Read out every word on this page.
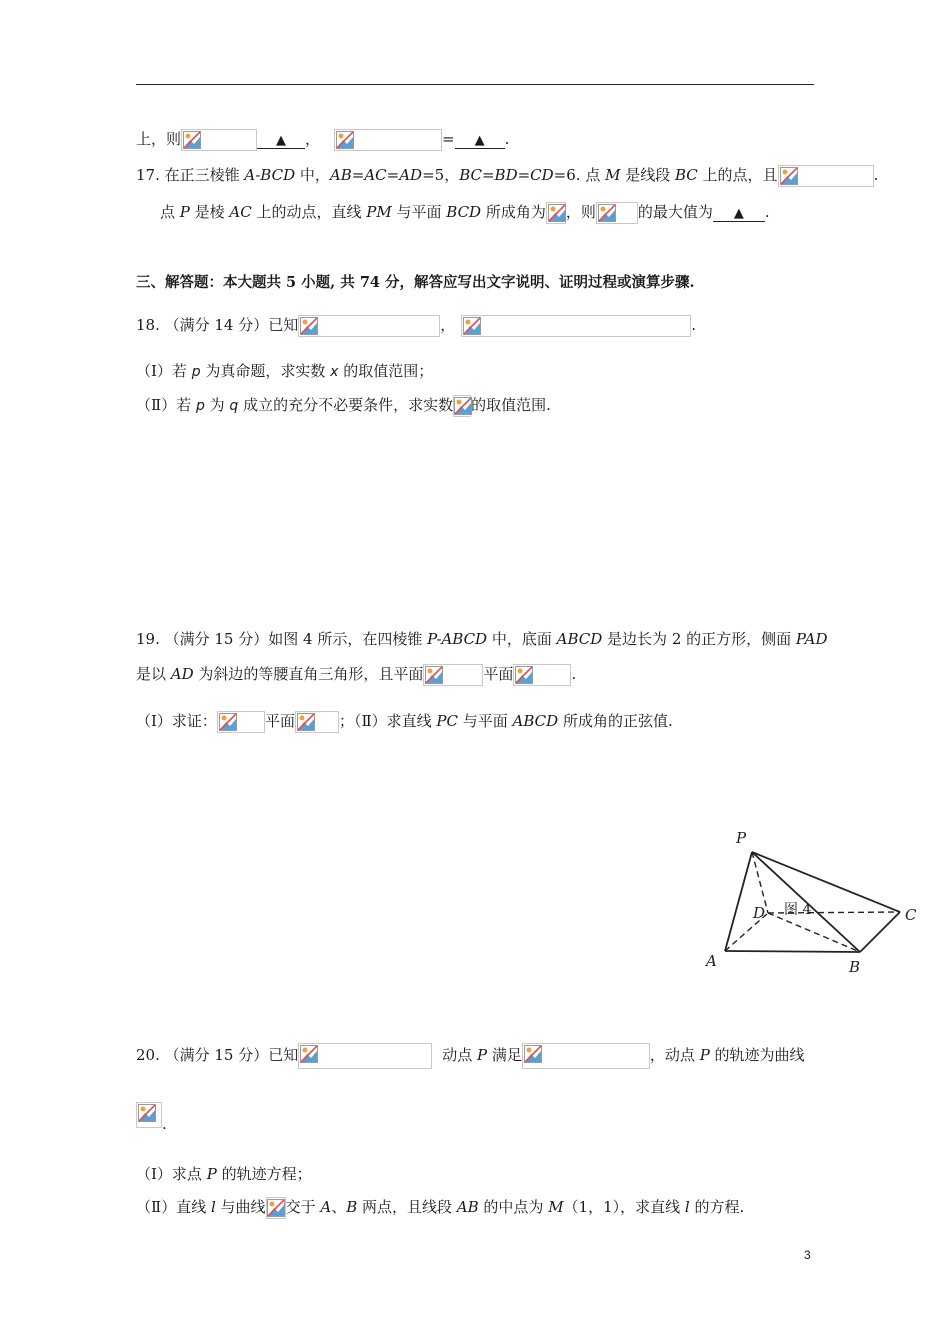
上，则	▲ ，	= ▲ .
17. 在正三棱锥 A-BCD 中，AB=AC=AD=5，BC=BD=CD=6. 点 M 是线段 BC 上的点，且	.
点 P 是棱 AC 上的动点，直线 PM 与平面 BCD 所成角为 ，则	的最大值为 ▲ .
三、解答题：本大题共 5 小题, 共 74 分，解答应写出文字说明、证明过程或演算步骤.
18. （满分 14 分）已知	，	.
（Ⅰ）若 p 为真命题，求实数 x 的取值范围；
（Ⅱ）若 p 为 q 成立的充分不必要条件，求实数 的取值范围.
19. （满分 15 分）如图 4 所示，在四棱锥 P-ABCD 中，底面 ABCD 是边长为 2 的正方形，侧面 PAD
是以 AD 为斜边的等腰直角三角形，且平面	平面	.
（Ⅰ）求证：	平面	；（Ⅱ）求直线 PC 与平面 ABCD 所成角的正弦值.
P
D
A	B
C
图 4
20. （满分 15 分）已知	动点 P 满足	，动点 P 的轨迹为曲线
.
（Ⅰ）求点 P 的轨迹方程；
（Ⅱ）直线 l 与曲线 交于 A、B 两点，且线段 AB 的中点为 M（1，1），求直线 l 的方程.
3
